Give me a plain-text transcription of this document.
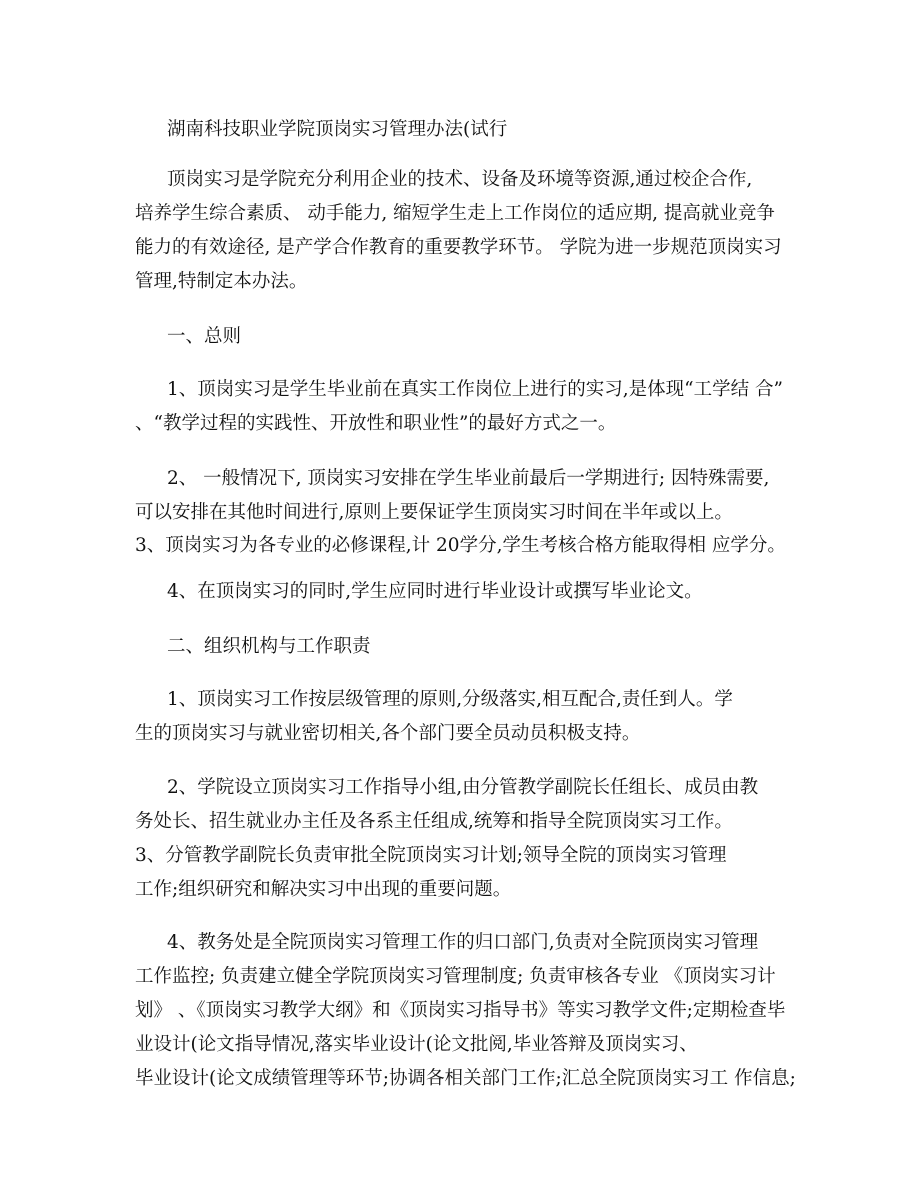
湖南科技职业学院顶岗实习管理办法(试行
顶岗实习是学院充分利用企业的技术、设备及环境等资源,通过校企合作,
培养学生综合素质、 动手能力, 缩短学生走上工作岗位的适应期, 提高就业竞争
能力的有效途径, 是产学合作教育的重要教学环节。 学院为进一步规范顶岗实习
管理,特制定本办法。
一、总则
1、顶岗实习是学生毕业前在真实工作岗位上进行的实习,是体现“工学结 合”
、“教学过程的实践性、开放性和职业性”的最好方式之一。
2、 一般情况下, 顶岗实习安排在学生毕业前最后一学期进行; 因特殊需要,
可以安排在其他时间进行,原则上要保证学生顶岗实习时间在半年或以上。
3、顶岗实习为各专业的必修课程,计 20学分,学生考核合格方能取得相 应学分。
4、在顶岗实习的同时,学生应同时进行毕业设计或撰写毕业论文。
二、组织机构与工作职责
1、顶岗实习工作按层级管理的原则,分级落实,相互配合,责任到人。学
生的顶岗实习与就业密切相关,各个部门要全员动员积极支持。
2、学院设立顶岗实习工作指导小组,由分管教学副院长任组长、成员由教
务处长、招生就业办主任及各系主任组成,统筹和指导全院顶岗实习工作。
3、分管教学副院长负责审批全院顶岗实习计划;领导全院的顶岗实习管理
工作;组织研究和解决实习中出现的重要问题。
4、教务处是全院顶岗实习管理工作的归口部门,负责对全院顶岗实习管理
工作监控; 负责建立健全学院顶岗实习管理制度; 负责审核各专业 《顶岗实习计
划》 、《顶岗实习教学大纲》和《顶岗实习指导书》等实习教学文件;定期检查毕
业设计(论文指导情况,落实毕业设计(论文批阅,毕业答辩及顶岗实习、
毕业设计(论文成绩管理等环节;协调各相关部门工作;汇总全院顶岗实习工 作信息;
